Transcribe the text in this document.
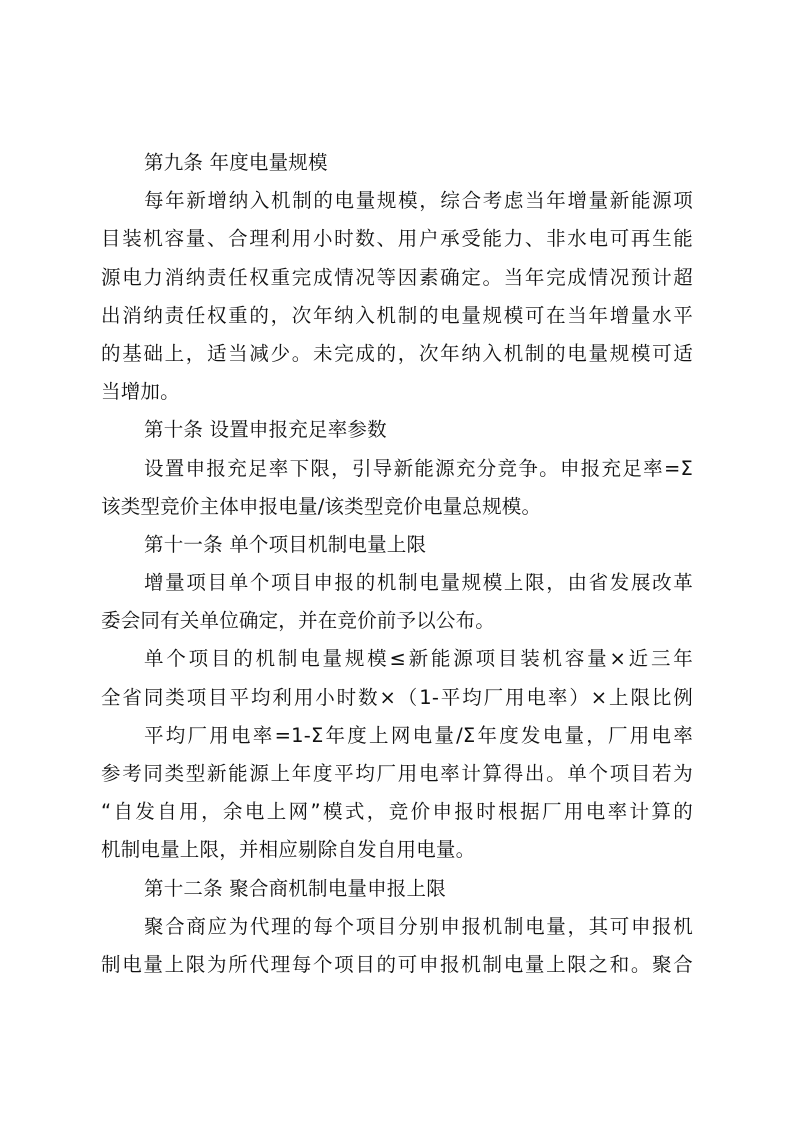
第九条 年度电量规模
每年新增纳入机制的电量规模，综合考虑当年增量新能源项
目装机容量、合理利用小时数、用户承受能力、非水电可再生能
源电力消纳责任权重完成情况等因素确定。当年完成情况预计超
出消纳责任权重的，次年纳入机制的电量规模可在当年增量水平
的基础上，适当减少。未完成的，次年纳入机制的电量规模可适
当增加。
第十条 设置申报充足率参数
设置申报充足率下限，引导新能源充分竞争。申报充足率=Σ
该类型竞价主体申报电量/该类型竞价电量总规模。
第十一条 单个项目机制电量上限
增量项目单个项目申报的机制电量规模上限，由省发展改革
委会同有关单位确定，并在竞价前予以公布。
单个项目的机制电量规模≤新能源项目装机容量×近三年
全省同类项目平均利用小时数×（1-平均厂用电率）×上限比例
平均厂用电率=1-Σ年度上网电量/Σ年度发电量，厂用电率
参考同类型新能源上年度平均厂用电率计算得出。单个项目若为
“自发自用，余电上网”模式，竞价申报时根据厂用电率计算的
机制电量上限，并相应剔除自发自用电量。
第十二条 聚合商机制电量申报上限
聚合商应为代理的每个项目分别申报机制电量，其可申报机
制电量上限为所代理每个项目的可申报机制电量上限之和。聚合
